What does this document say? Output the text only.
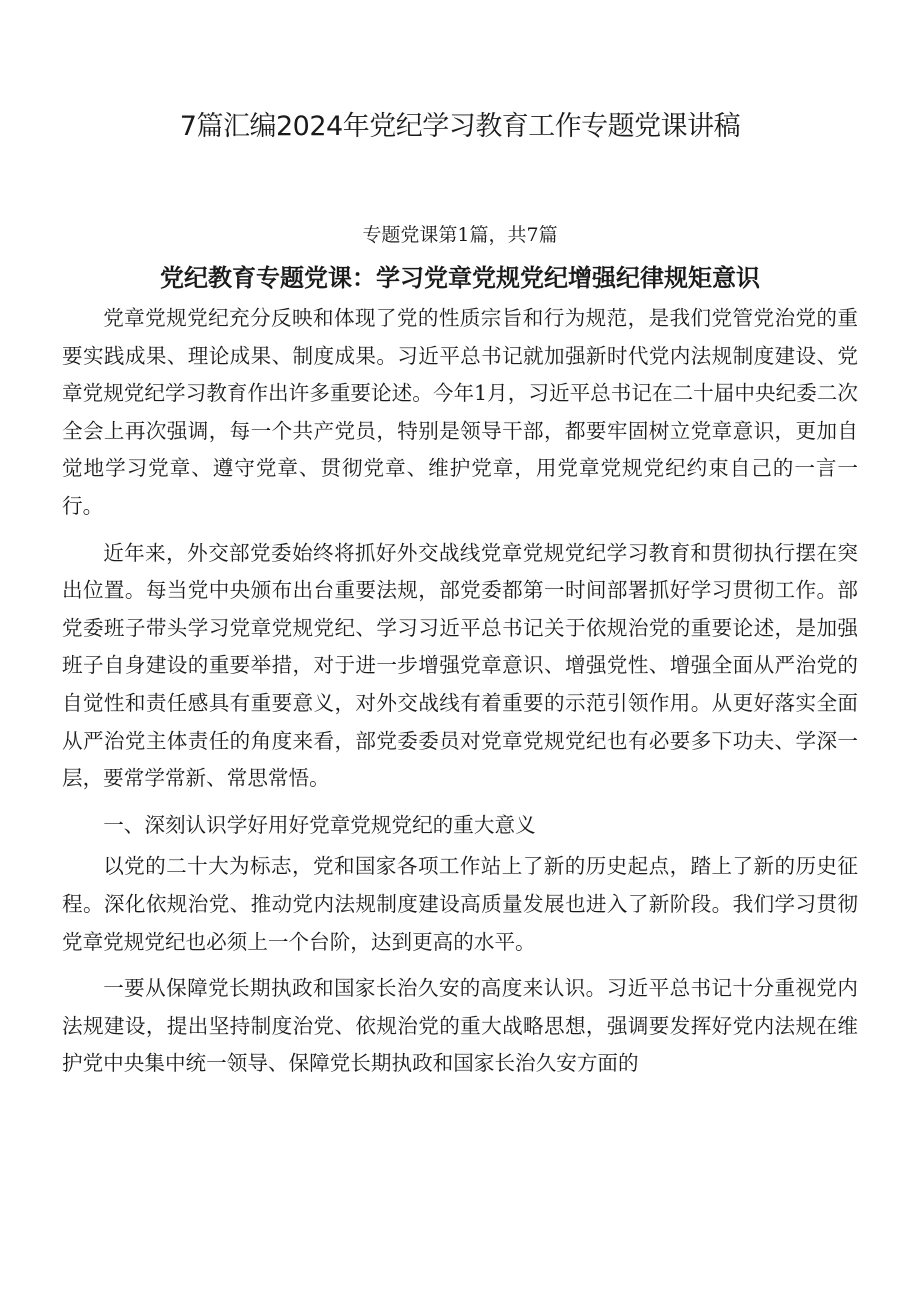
7篇汇编2024年党纪学习教育工作专题党课讲稿
专题党课第1篇，共7篇
党纪教育专题党课：学习党章党规党纪增强纪律规矩意识

党章党规党纪充分反映和体现了党的性质宗旨和行为规范，是我们党管党治党的重要实践成果、理论成果、制度成果。习近平总书记就加强新时代党内法规制度建设、党章党规党纪学习教育作出许多重要论述。今年1月，习近平总书记在二十届中央纪委二次全会上再次强调，每一个共产党员，特别是领导干部，都要牢固树立党章意识，更加自觉地学习党章、遵守党章、贯彻党章、维护党章，用党章党规党纪约束自己的一言一行。

近年来，外交部党委始终将抓好外交战线党章党规党纪学习教育和贯彻执行摆在突出位置。每当党中央颁布出台重要法规，部党委都第一时间部署抓好学习贯彻工作。部党委班子带头学习党章党规党纪、学习习近平总书记关于依规治党的重要论述，是加强班子自身建设的重要举措，对于进一步增强党章意识、增强党性、增强全面从严治党的自觉性和责任感具有重要意义，对外交战线有着重要的示范引领作用。从更好落实全面从严治党主体责任的角度来看，部党委委员对党章党规党纪也有必要多下功夫、学深一层，要常学常新、常思常悟。

一、深刻认识学好用好党章党规党纪的重大意义

以党的二十大为标志，党和国家各项工作站上了新的历史起点，踏上了新的历史征程。深化依规治党、推动党内法规制度建设高质量发展也进入了新阶段。我们学习贯彻党章党规党纪也必须上一个台阶，达到更高的水平。

一要从保障党长期执政和国家长治久安的高度来认识。习近平总书记十分重视党内法规建设，提出坚持制度治党、依规治党的重大战略思想，强调要发挥好党内法规在维护党中央集中统一领导、保障党长期执政和国家长治久安方面的
